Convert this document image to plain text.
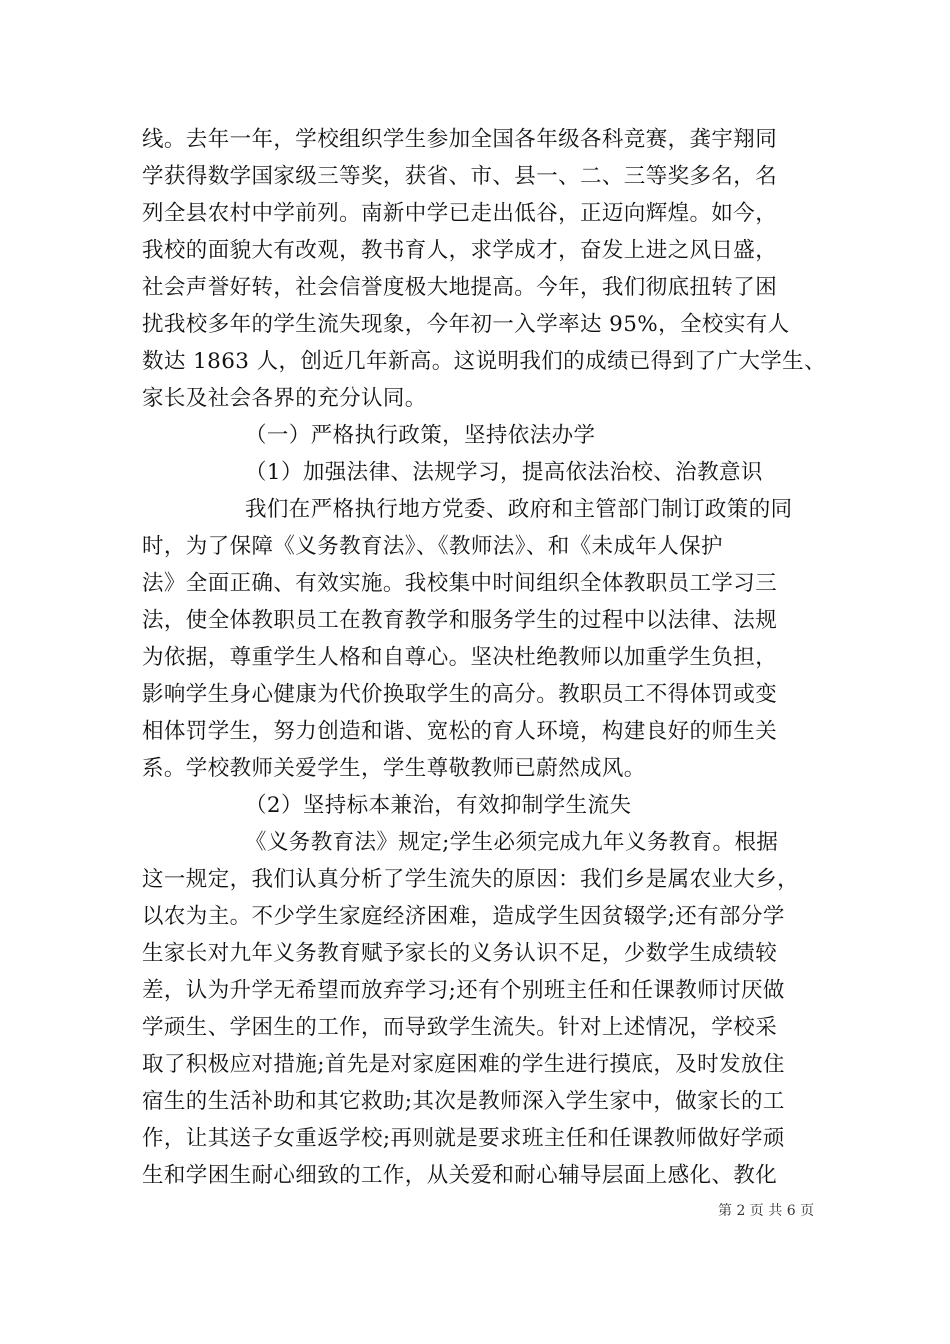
线。去年一年，学校组织学生参加全国各年级各科竞赛，龚宇翔同
学获得数学国家级三等奖，获省、市、县一、二、三等奖多名，名
列全县农村中学前列。南新中学已走出低谷，正迈向辉煌。如今，
我校的面貌大有改观，教书育人，求学成才，奋发上进之风日盛，
社会声誉好转，社会信誉度极大地提高。今年，我们彻底扭转了困
扰我校多年的学生流失现象，今年初一入学率达 95%，全校实有人
数达 1863 人，创近几年新高。这说明我们的成绩已得到了广大学生、
家长及社会各界的充分认同。
（一）严格执行政策，坚持依法办学
（1）加强法律、法规学习，提高依法治校、治教意识
我们在严格执行地方党委、政府和主管部门制订政策的同
时，为了保障《义务教育法》、《教师法》、和《未成年人保护
法》全面正确、有效实施。我校集中时间组织全体教职员工学习三
法，使全体教职员工在教育教学和服务学生的过程中以法律、法规
为依据，尊重学生人格和自尊心。坚决杜绝教师以加重学生负担，
影响学生身心健康为代价换取学生的高分。教职员工不得体罚或变
相体罚学生，努力创造和谐、宽松的育人环境，构建良好的师生关
系。学校教师关爱学生，学生尊敬教师已蔚然成风。
（2）坚持标本兼治，有效抑制学生流失
《义务教育法》规定;学生必须完成九年义务教育。根据
这一规定，我们认真分析了学生流失的原因：我们乡是属农业大乡，
以农为主。不少学生家庭经济困难，造成学生因贫辍学;还有部分学
生家长对九年义务教育赋予家长的义务认识不足，少数学生成绩较
差，认为升学无希望而放弃学习;还有个别班主任和任课教师讨厌做
学顽生、学困生的工作，而导致学生流失。针对上述情况，学校采
取了积极应对措施;首先是对家庭困难的学生进行摸底，及时发放住
宿生的生活补助和其它救助;其次是教师深入学生家中，做家长的工
作，让其送子女重返学校;再则就是要求班主任和任课教师做好学顽
生和学困生耐心细致的工作，从关爱和耐心辅导层面上感化、教化
第 2 页 共 6 页
